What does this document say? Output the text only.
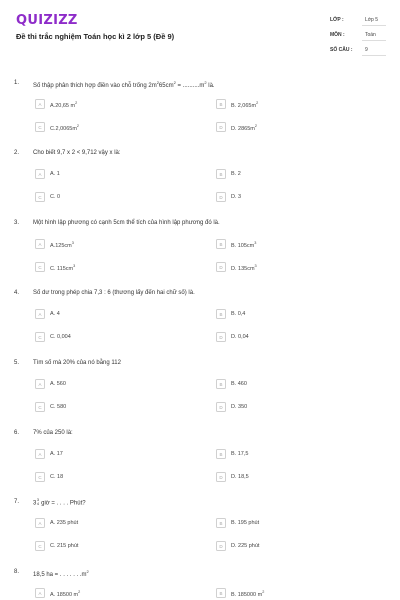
QUIZIZZ
Đề thi trắc nghiệm Toán học kì 2 lớp 5 (Đề 9)
LỚP :	Lớp 5
MÔN :	Toán
SỐ CÂU :	9
1. Số thập phân thích hợp điền vào chỗ trống $2m^265cm^2 = ..........m^2$ là.
A	A.20,65 $m^2$	B	B. $2,065m^2$
C	$C.2,0065m^2$	D	D. $2865m^2$
2. Cho biết 9,7 x 2 < 9,712 vậy x là:
A	A. 1	B	B. 2
C	C. 0	D	D. 3
3. Một hình lập phương có cạnh 5cm thể tích của hình lập phương đó là.
A	$A.125cm^3$	B	B. $105cm^3$
C	C. $115cm^3$	D	D. $135cm^3$
4. Số dư trong phép chia 7,3 : 6 (thương lấy đến hai chữ số) là.
A	A. 4	B	B. 0,4
C	C. 0,004	D	D. 0,04
5. Tìm số mà 20% của nó bằng 112
A	A. 560	B	B. 460
C	C. 580	D	D. 350
6. 7% của 250 là:
A	A. 17	B	B. 17,5
C	C. 18	D	D. 18,5
7. 3
3
4 giờ = . . . . Phút?
A	A. 235 phút	B	B. 195 phút
C	C. 215 phút	D	D. 225 phút
8. 18,5 ha = . . . . . . $.m^2$
A	A. 18500 $m^2$	B	B. 185000 $m^2$
